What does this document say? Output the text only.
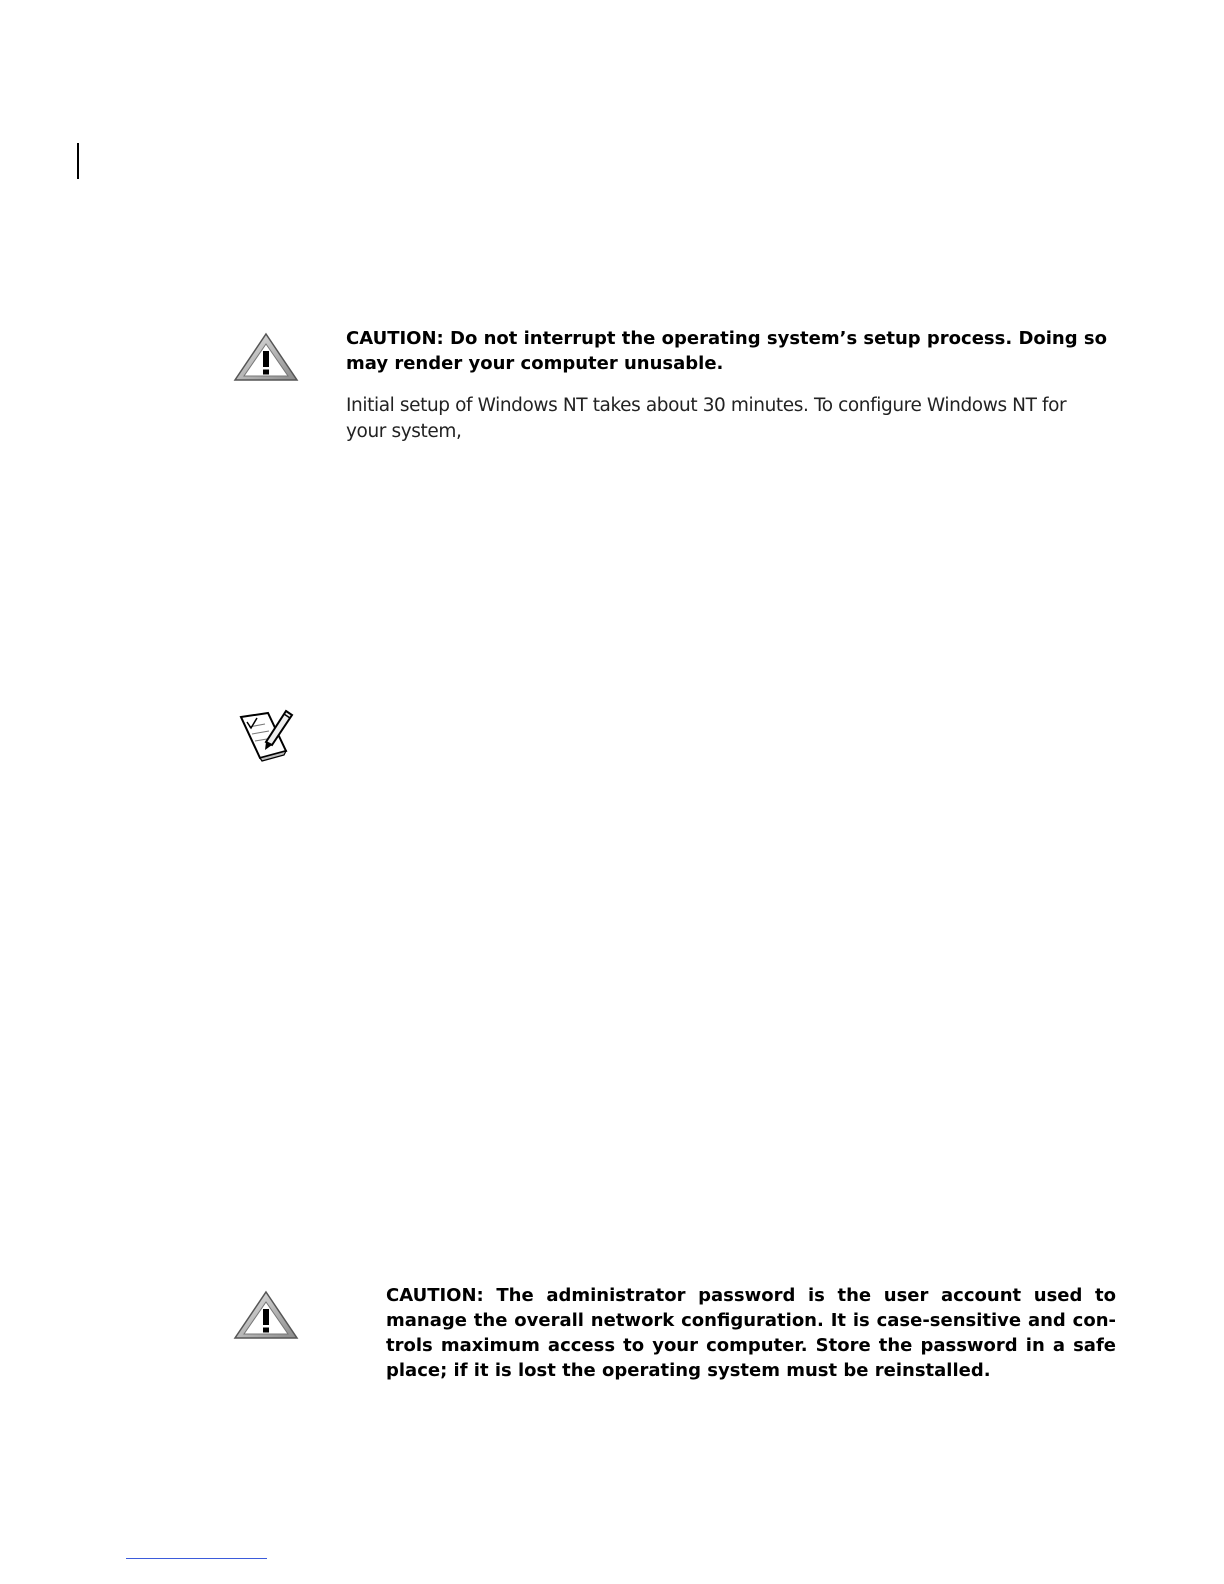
CAUTION: Do not interrupt the operating system’s setup process. Doing so may render your computer unusable.

Initial setup of Windows NT takes about 30 minutes. To configure Windows NT for your system,

CAUTION: The administrator password is the user account used to
manage the overall network configuration. It is case-sensitive and con-
trols maximum access to your computer. Store the password in a safe
place; if it is lost the operating system must be reinstalled.
